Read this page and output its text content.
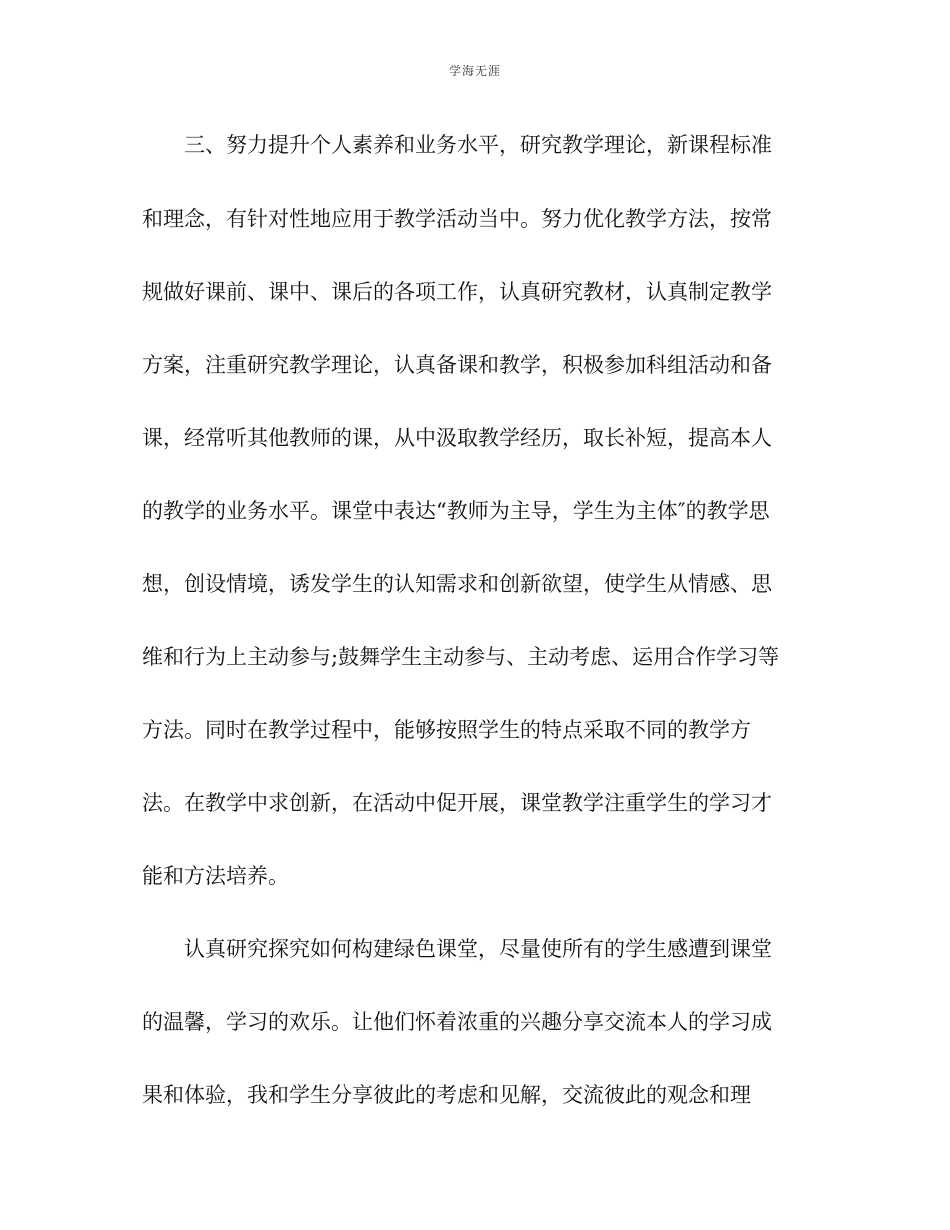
学海无涯
三、努力提升个人素养和业务水平，研究教学理论，新课程标准
和理念，有针对性地应用于教学活动当中。努力优化教学方法，按常
规做好课前、课中、课后的各项工作，认真研究教材，认真制定教学
方案，注重研究教学理论，认真备课和教学，积极参加科组活动和备
课，经常听其他教师的课，从中汲取教学经历，取长补短，提高本人
的教学的业务水平。课堂中表达“教师为主导，学生为主体″的教学思
想，创设情境，诱发学生的认知需求和创新欲望，使学生从情感、思
维和行为上主动参与;鼓舞学生主动参与、主动考虑、运用合作学习等
方法。同时在教学过程中，能够按照学生的特点采取不同的教学方
法。在教学中求创新，在活动中促开展，课堂教学注重学生的学习才
能和方法培养。
认真研究探究如何构建绿色课堂，尽量使所有的学生感遭到课堂
的温馨，学习的欢乐。让他们怀着浓重的兴趣分享交流本人的学习成
果和体验，我和学生分享彼此的考虑和见解，交流彼此的观念和理
